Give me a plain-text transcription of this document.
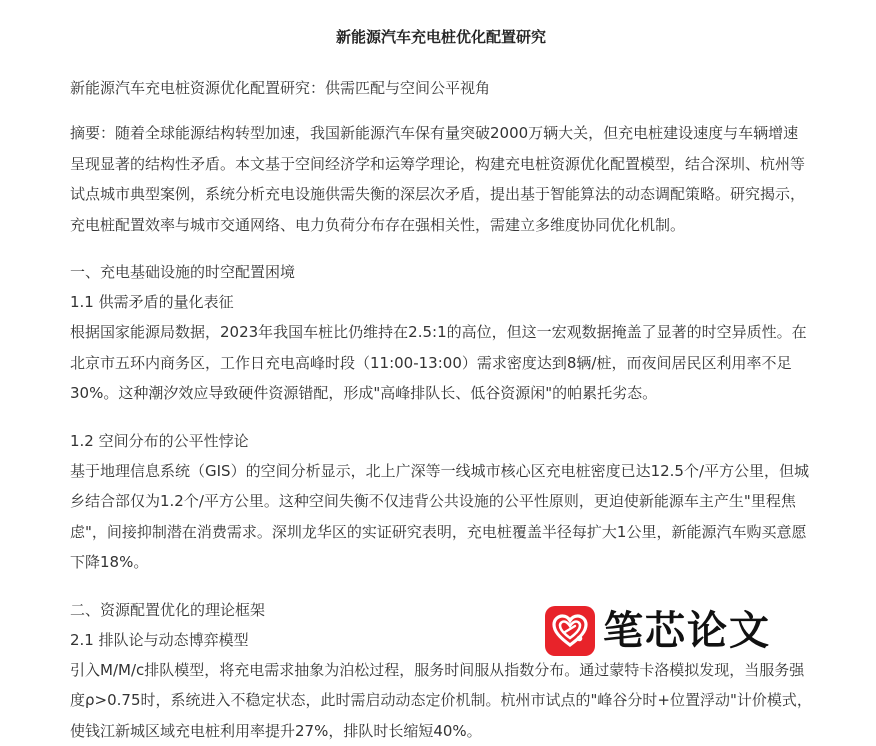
新能源汽车充电桩优化配置研究

新能源汽车充电桩资源优化配置研究：供需匹配与空间公平视角

摘要：随着全球能源结构转型加速，我国新能源汽车保有量突破2000万辆大关，但充电桩建设速度与车辆增速呈现显著的结构性矛盾。本文基于空间经济学和运筹学理论，构建充电桩资源优化配置模型，结合深圳、杭州等试点城市典型案例，系统分析充电设施供需失衡的深层次矛盾，提出基于智能算法的动态调配策略。研究揭示，充电桩配置效率与城市交通网络、电力负荷分布存在强相关性，需建立多维度协同优化机制。

一、充电基础设施的时空配置困境

1.1 供需矛盾的量化表征

根据国家能源局数据，2023年我国车桩比仍维持在2.5:1的高位，但这一宏观数据掩盖了显著的时空异质性。在北京市五环内商务区，工作日充电高峰时段（11:00-13:00）需求密度达到8辆/桩，而夜间居民区利用率不足30%。这种潮汐效应导致硬件资源错配，形成"高峰排队长、低谷资源闲"的帕累托劣态。

1.2 空间分布的公平性悖论

基于地理信息系统（GIS）的空间分析显示，北上广深等一线城市核心区充电桩密度已达12.5个/平方公里，但城乡结合部仅为1.2个/平方公里。这种空间失衡不仅违背公共设施的公平性原则，更迫使新能源车主产生"里程焦虑"，间接抑制潜在消费需求。深圳龙华区的实证研究表明，充电桩覆盖半径每扩大1公里，新能源汽车购买意愿下降18%。

二、资源配置优化的理论框架

2.1 排队论与动态博弈模型

引入M/M/c排队模型，将充电需求抽象为泊松过程，服务时间服从指数分布。通过蒙特卡洛模拟发现，当服务强度ρ>0.75时，系统进入不稳定状态，此时需启动动态定价机制。杭州市试点的"峰谷分时+位置浮动"计价模式，使钱江新城区域充电桩利用率提升27%，排队时长缩短40%。

笔芯论文
